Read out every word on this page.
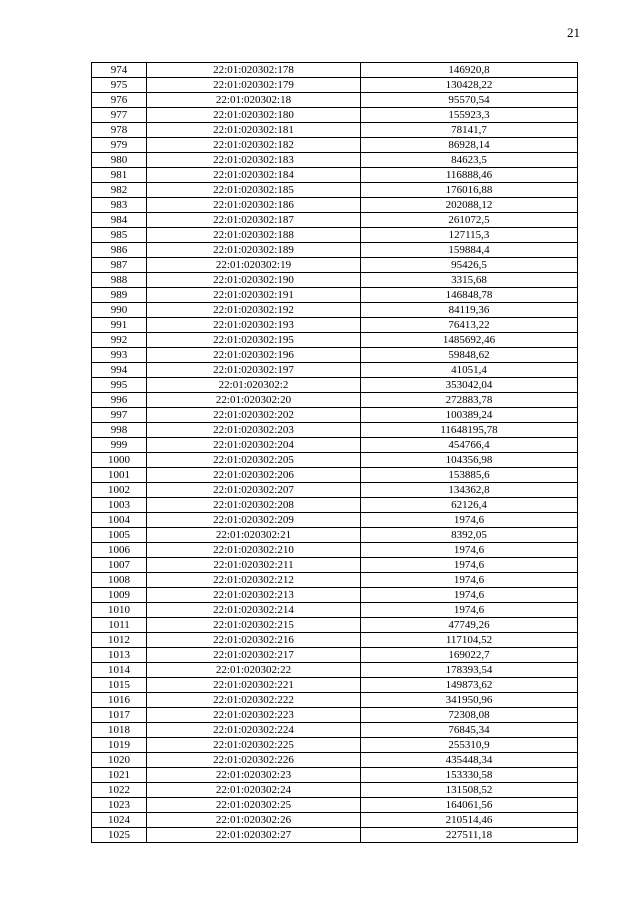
21
974	22:01:020302:178	146920,8
975	22:01:020302:179	130428,22
976	22:01:020302:18	95570,54
977	22:01:020302:180	155923,3
978	22:01:020302:181	78141,7
979	22:01:020302:182	86928,14
980	22:01:020302:183	84623,5
981	22:01:020302:184	116888,46
982	22:01:020302:185	176016,88
983	22:01:020302:186	202088,12
984	22:01:020302:187	261072,5
985	22:01:020302:188	127115,3
986	22:01:020302:189	159884,4
987	22:01:020302:19	95426,5
988	22:01:020302:190	3315,68
989	22:01:020302:191	146848,78
990	22:01:020302:192	84119,36
991	22:01:020302:193	76413,22
992	22:01:020302:195	1485692,46
993	22:01:020302:196	59848,62
994	22:01:020302:197	41051,4
995	22:01:020302:2	353042,04
996	22:01:020302:20	272883,78
997	22:01:020302:202	100389,24
998	22:01:020302:203	11648195,78
999	22:01:020302:204	454766,4
1000	22:01:020302:205	104356,98
1001	22:01:020302:206	153885,6
1002	22:01:020302:207	134362,8
1003	22:01:020302:208	62126,4
1004	22:01:020302:209	1974,6
1005	22:01:020302:21	8392,05
1006	22:01:020302:210	1974,6
1007	22:01:020302:211	1974,6
1008	22:01:020302:212	1974,6
1009	22:01:020302:213	1974,6
1010	22:01:020302:214	1974,6
1011	22:01:020302:215	47749,26
1012	22:01:020302:216	117104,52
1013	22:01:020302:217	169022,7
1014	22:01:020302:22	178393,54
1015	22:01:020302:221	149873,62
1016	22:01:020302:222	341950,96
1017	22:01:020302:223	72308,08
1018	22:01:020302:224	76845,34
1019	22:01:020302:225	255310,9
1020	22:01:020302:226	435448,34
1021	22:01:020302:23	153330,58
1022	22:01:020302:24	131508,52
1023	22:01:020302:25	164061,56
1024	22:01:020302:26	210514,46
1025	22:01:020302:27	227511,18
